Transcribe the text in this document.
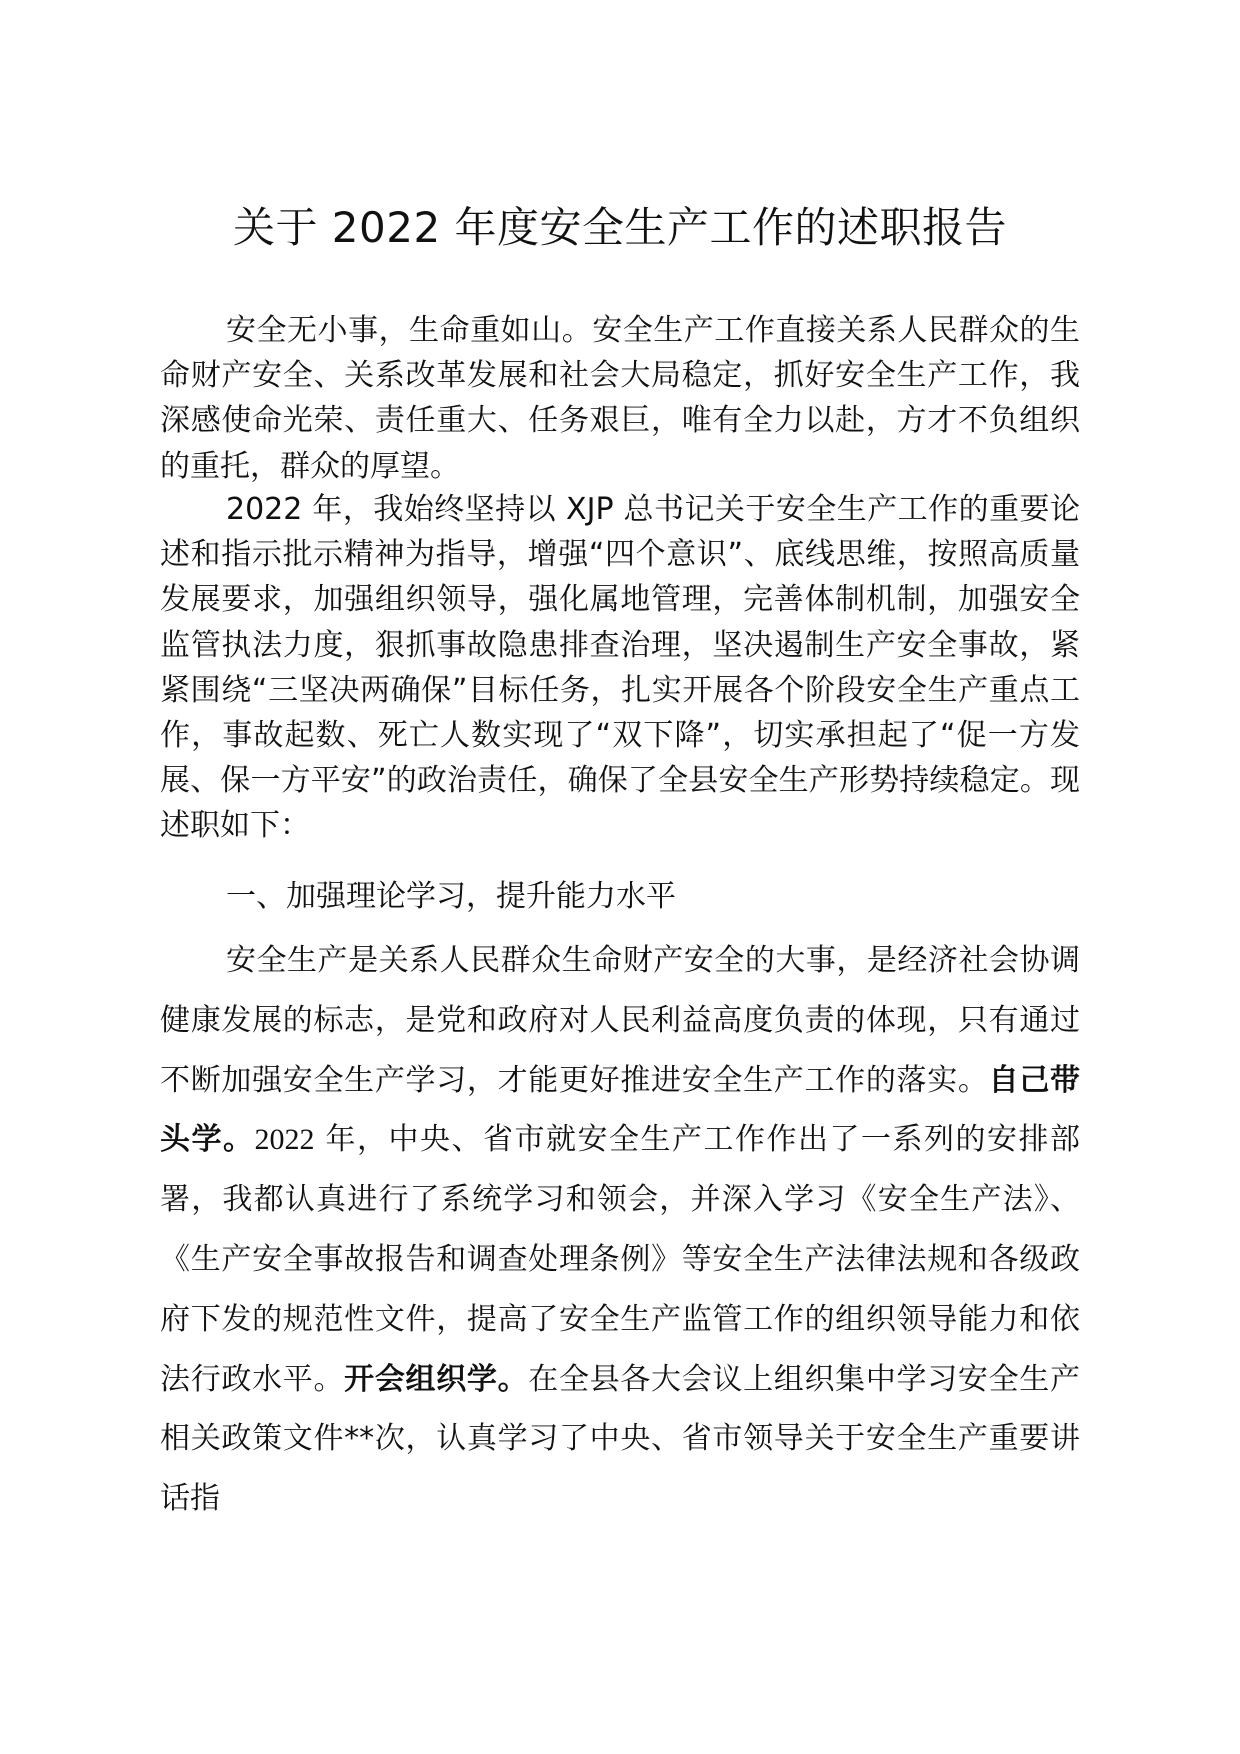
关于 2022 年度安全生产工作的述职报告

安全无小事，生命重如山。安全生产工作直接关系人民群众的生命财产安全、关系改革发展和社会大局稳定，抓好安全生产工作，我深感使命光荣、责任重大、任务艰巨，唯有全力以赴，方才不负组织的重托，群众的厚望。

2022 年，我始终坚持以 XJP 总书记关于安全生产工作的重要论述和指示批示精神为指导，增强“四个意识”、底线思维，按照高质量发展要求，加强组织领导，强化属地管理，完善体制机制，加强安全监管执法力度，狠抓事故隐患排查治理，坚决遏制生产安全事故，紧紧围绕“三坚决两确保”目标任务，扎实开展各个阶段安全生产重点工作，事故起数、死亡人数实现了“双下降”，切实承担起了“促一方发展、保一方平安”的政治责任，确保了全县安全生产形势持续稳定。现述职如下：

一、加强理论学习，提升能力水平

安全生产是关系人民群众生命财产安全的大事，是经济社会协调健康发展的标志，是党和政府对人民利益高度负责的体现，只有通过不断加强安全生产学习，才能更好推进安全生产工作的落实。自己带头学。2022 年，中央、省市就安全生产工作作出了一系列的安排部署，我都认真进行了系统学习和领会，并深入学习《安全生产法》、《生产安全事故报告和调查处理条例》等安全生产法律法规和各级政府下发的规范性文件，提高了安全生产监管工作的组织领导能力和依法行政水平。开会组织学。在全县各大会议上组织集中学习安全生产相关政策文件**次，认真学习了中央、省市领导关于安全生产重要讲话指
